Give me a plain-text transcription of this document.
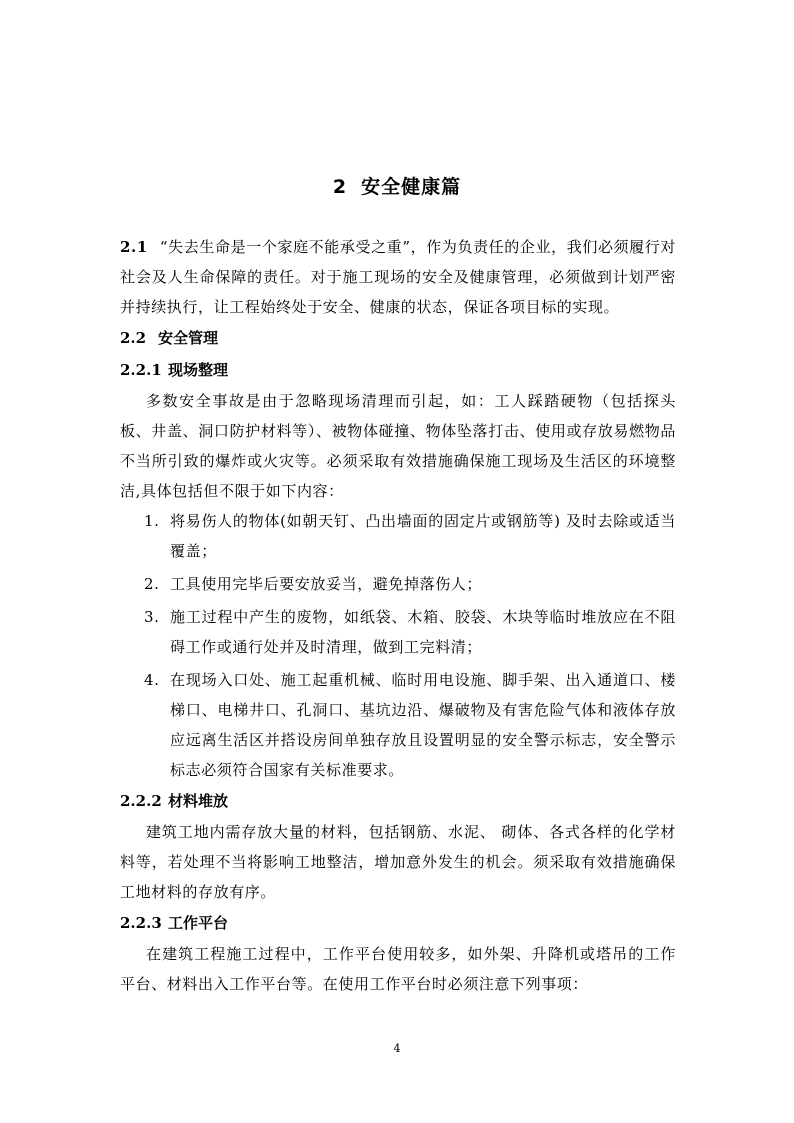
2 安全健康篇

2.1 “失去生命是一个家庭不能承受之重”，作为负责任的企业，我们必须履行对社会及人生命保障的责任。对于施工现场的安全及健康管理，必须做到计划严密并持续执行，让工程始终处于安全、健康的状态，保证各项目标的实现。

2.2 安全管理

2.2.1 现场整理

多数安全事故是由于忽略现场清理而引起，如：工人踩踏硬物（包括探头板、井盖、洞口防护材料等）、被物体碰撞、物体坠落打击、使用或存放易燃物品不当所引致的爆炸或火灾等。必须采取有效措施确保施工现场及生活区的环境整洁,具体包括但不限于如下内容：

1. 将易伤人的物体(如朝天钉、凸出墙面的固定片或钢筋等) 及时去除或适当覆盖；
2. 工具使用完毕后要安放妥当，避免掉落伤人；
3. 施工过程中产生的废物，如纸袋、木箱、胶袋、木块等临时堆放应在不阻碍工作或通行处并及时清理，做到工完料清；
4. 在现场入口处、施工起重机械、临时用电设施、脚手架、出入通道口、楼梯口、电梯井口、孔洞口、基坑边沿、爆破物及有害危险气体和液体存放应远离生活区并搭设房间单独存放且设置明显的安全警示标志，安全警示标志必须符合国家有关标准要求。

2.2.2 材料堆放

建筑工地内需存放大量的材料，包括钢筋、水泥、 砌体、各式各样的化学材料等，若处理不当将影响工地整洁，增加意外发生的机会。须采取有效措施确保工地材料的存放有序。

2.2.3 工作平台

在建筑工程施工过程中，工作平台使用较多，如外架、升降机或塔吊的工作平台、材料出入工作平台等。在使用工作平台时必须注意下列事项：

4
